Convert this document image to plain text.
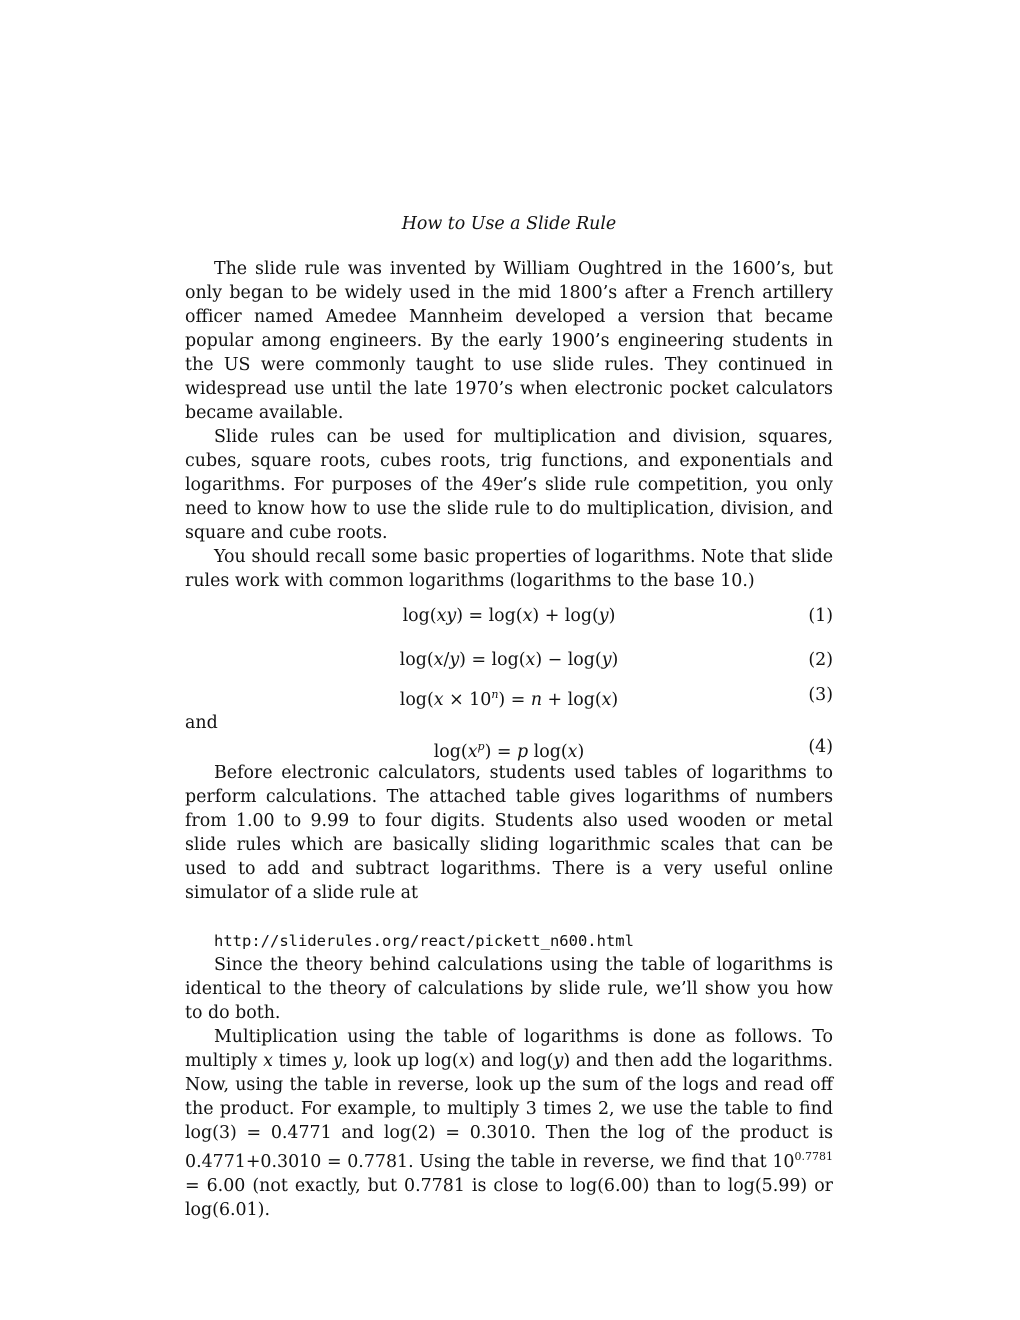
How to Use a Slide Rule

The slide rule was invented by William Oughtred in the 1600’s, but only began to be widely used in the mid 1800’s after a French artillery officer named Amedee Mannheim developed a version that became popular among engineers. By the early 1900’s engineering students in the US were commonly taught to use slide rules. They continued in widespread use until the late 1970’s when electronic pocket calculators became available.

Slide rules can be used for multiplication and division, squares, cubes, square roots, cubes roots, trig functions, and exponentials and logarithms. For purposes of the 49er’s slide rule competition, you only need to know how to use the slide rule to do multiplication, division, and square and cube roots.

You should recall some basic properties of logarithms. Note that slide rules work with common logarithms (logarithms to the base 10.)

log(xy) = log(x) + log(y)	(1)
log(x/y) = log(x) − log(y)	(2)
$\log(x \times 10^n) = n + \log(x)$	(3)

and

$\log(x^p) = p$ log(x)	(4)

Before electronic calculators, students used tables of logarithms to perform calculations. The attached table gives logarithms of numbers from 1.00 to 9.99 to four digits. Students also used wooden or metal slide rules which are basically sliding logarithmic scales that can be used to add and subtract logarithms. There is a very useful online simulator of a slide rule at

http://sliderules.org/react/pickett_n600.html

Since the theory behind calculations using the table of logarithms is identical to the theory of calculations by slide rule, we’ll show you how to do both.

Multiplication using the table of logarithms is done as follows. To multiply x times y, look up log(x) and log(y) and then add the logarithms. Now, using the table in reverse, look up the sum of the logs and read off the product. For example, to multiply 3 times 2, we use the table to find log(3) = 0.4771 and log(2) = 0.3010. Then the log of the product is 0.4771+0.3010 = 0.7781. Using the table in reverse, we find that $10^{0.7781} = 6.00$ (not exactly, but 0.7781 is close to log(6.00) than to log(5.99) or log(6.01).
